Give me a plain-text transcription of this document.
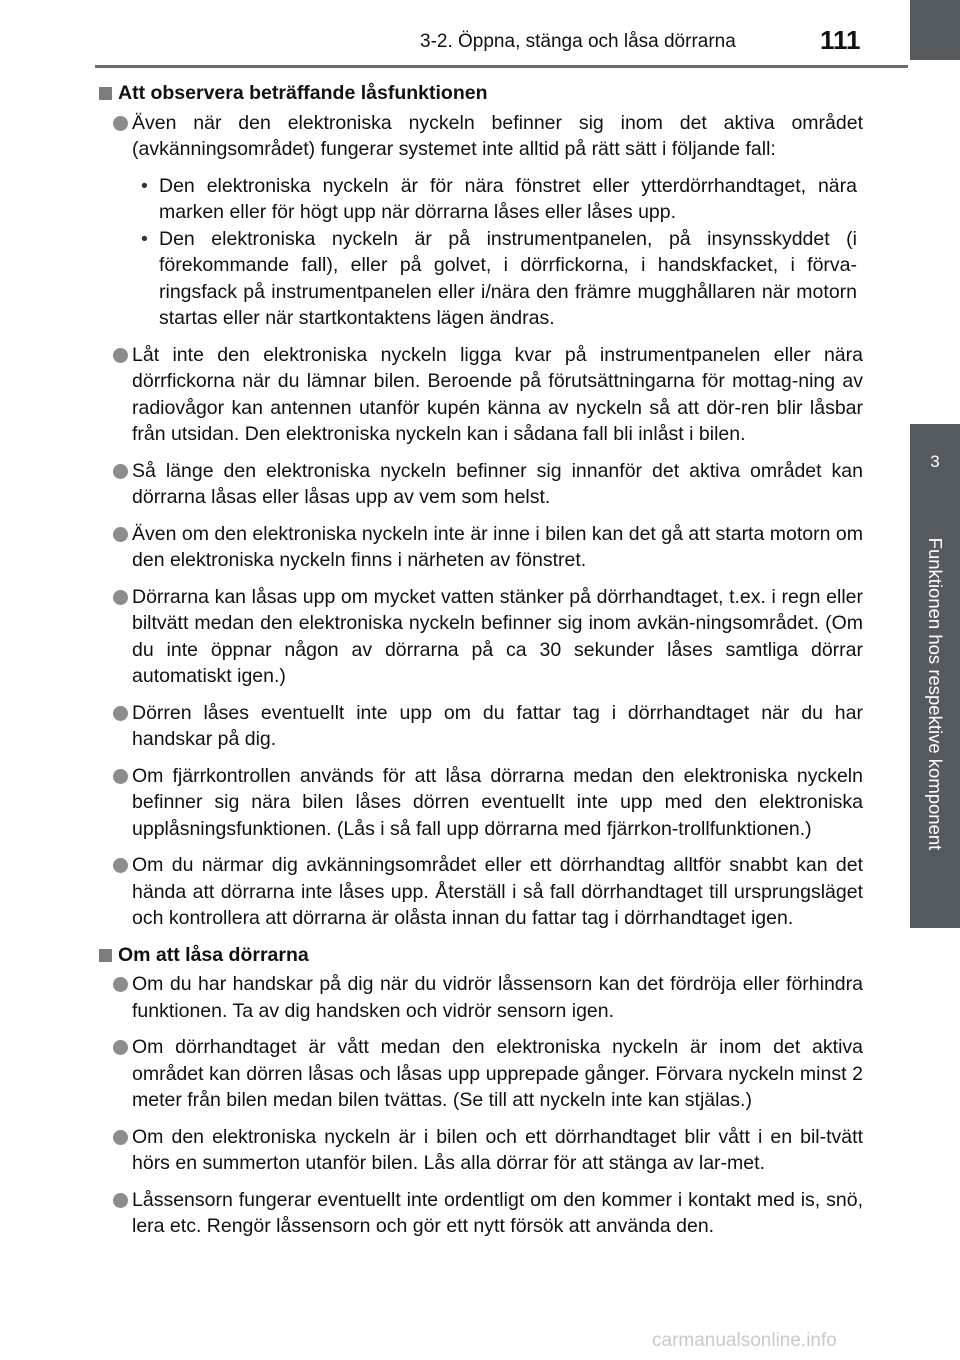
3
Funktionen hos respektive komponent
3-2. Öppna, stänga och låsa dörrarna	111
Att observera beträffande låsfunktionen
Även när den elektroniska nyckeln befinner sig inom det aktiva området (avkänningsområdet) fungerar systemet inte alltid på rätt sätt i följande fall:
• Den elektroniska nyckeln är för nära fönstret eller ytterdörrhandtaget, nära marken eller för högt upp när dörrarna låses eller låses upp.
• Den elektroniska nyckeln är på instrumentpanelen, på insynsskyddet (i förekommande fall), eller på golvet, i dörrfickorna, i handskfacket, i förva-ringsfack på instrumentpanelen eller i/nära den främre mugghållaren när motorn startas eller när startkontaktens lägen ändras.
Låt inte den elektroniska nyckeln ligga kvar på instrumentpanelen eller nära dörrfickorna när du lämnar bilen. Beroende på förutsättningarna för mottag-ning av radiovågor kan antennen utanför kupén känna av nyckeln så att dör-ren blir låsbar från utsidan. Den elektroniska nyckeln kan i sådana fall bli inlåst i bilen.
Så länge den elektroniska nyckeln befinner sig innanför det aktiva området kan dörrarna låsas eller låsas upp av vem som helst.
Även om den elektroniska nyckeln inte är inne i bilen kan det gå att starta motorn om den elektroniska nyckeln finns i närheten av fönstret.
Dörrarna kan låsas upp om mycket vatten stänker på dörrhandtaget, t.ex. i regn eller biltvätt medan den elektroniska nyckeln befinner sig inom avkän-ningsområdet. (Om du inte öppnar någon av dörrarna på ca 30 sekunder låses samtliga dörrar automatiskt igen.)
Dörren låses eventuellt inte upp om du fattar tag i dörrhandtaget när du har handskar på dig.
Om fjärrkontrollen används för att låsa dörrarna medan den elektroniska nyckeln befinner sig nära bilen låses dörren eventuellt inte upp med den elektroniska upplåsningsfunktionen. (Lås i så fall upp dörrarna med fjärrkon-trollfunktionen.)
Om du närmar dig avkänningsområdet eller ett dörrhandtag alltför snabbt kan det hända att dörrarna inte låses upp. Återställ i så fall dörrhandtaget till ursprungsläget och kontrollera att dörrarna är olåsta innan du fattar tag i dörrhandtaget igen.
Om att låsa dörrarna
Om du har handskar på dig när du vidrör låssensorn kan det fördröja eller förhindra funktionen. Ta av dig handsken och vidrör sensorn igen.
Om dörrhandtaget är vått medan den elektroniska nyckeln är inom det aktiva området kan dörren låsas och låsas upp upprepade gånger. Förvara nyckeln minst 2 meter från bilen medan bilen tvättas. (Se till att nyckeln inte kan stjälas.)
Om den elektroniska nyckeln är i bilen och ett dörrhandtaget blir vått i en bil-tvätt hörs en summerton utanför bilen. Lås alla dörrar för att stänga av lar-met.
Låssensorn fungerar eventuellt inte ordentligt om den kommer i kontakt med is, snö, lera etc. Rengör låssensorn och gör ett nytt försök att använda den.
carmanualsonline.info
